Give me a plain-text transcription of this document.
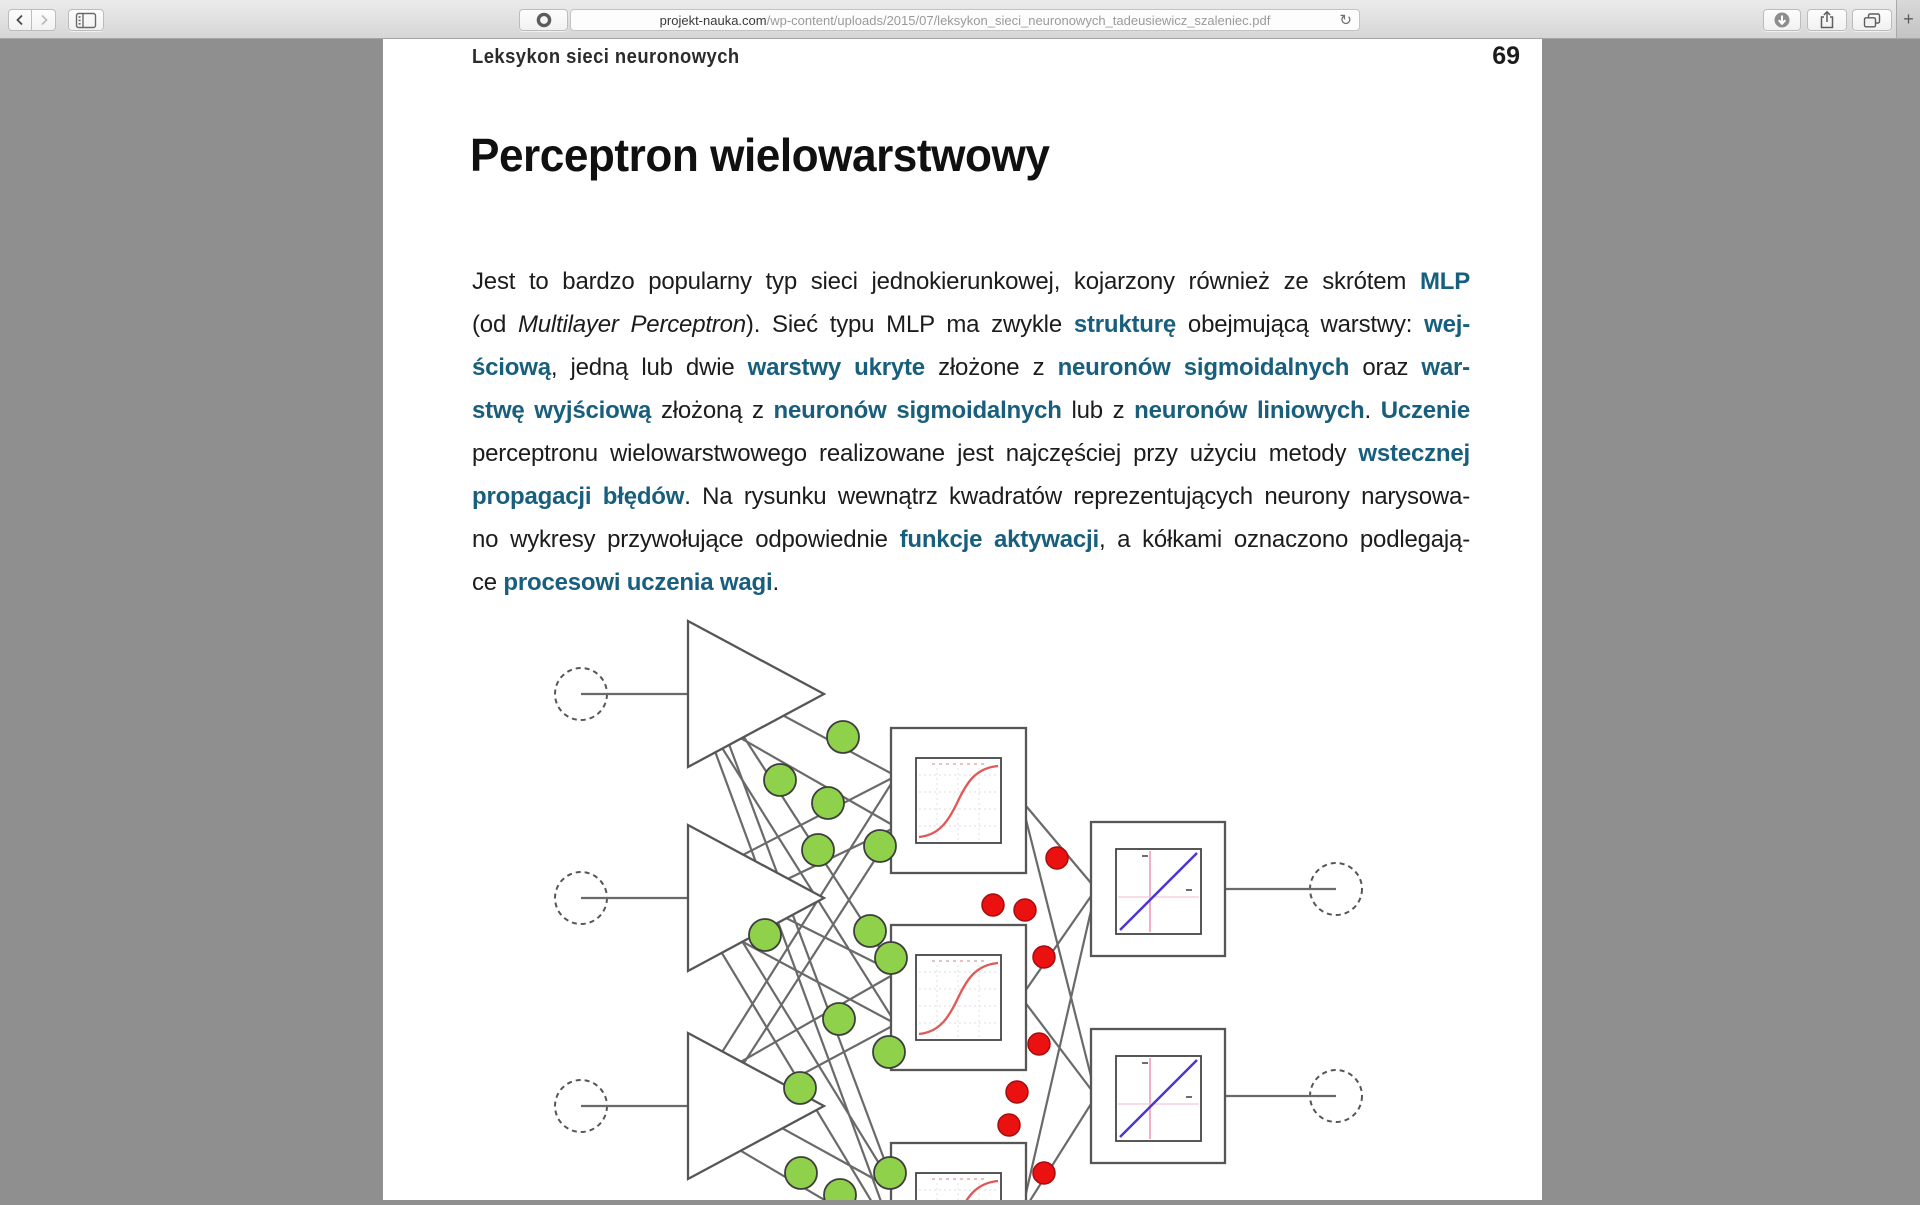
projekt-nauka.com /wp-content/uploads/2015/07/leksykon_sieci_neuronowych_tadeusiewicz_szaleniec.pdf	↻	+
Leksykon sieci neuronowych	69
Perceptron wielowarstwowy
Jest to bardzo popularny typ sieci jednokierunkowej, kojarzony również ze skrótem MLP
(od Multilayer Perceptron). Sieć typu MLP ma zwykle strukturę obejmującą warstwy: wej-
ściową, jedną lub dwie warstwy ukryte złożone z neuronów sigmoidalnych oraz war-
stwę wyjściową złożoną z neuronów sigmoidalnych lub z neuronów liniowych. Uczenie
perceptronu wielowarstwowego realizowane jest najczęściej przy użyciu metody wstecznej
propagacji błędów. Na rysunku wewnątrz kwadratów reprezentujących neurony narysowa-
no wykresy przywołujące odpowiednie funkcje aktywacji, a kółkami oznaczono podlegają-
ce procesowi uczenia wagi.
